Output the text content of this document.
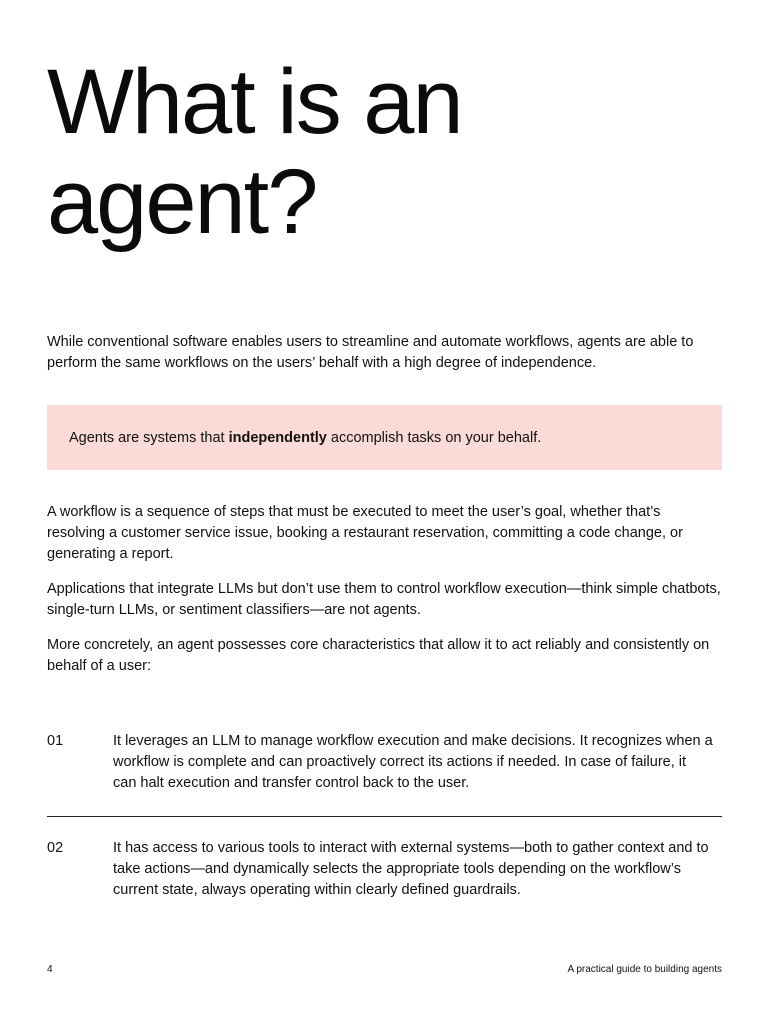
What is an
agent?

While conventional software enables users to streamline and automate workflows, agents are able to perform the same workflows on the users’ behalf with a high degree of independence.

Agents are systems that independently accomplish tasks on your behalf.

A workflow is a sequence of steps that must be executed to meet the user’s goal, whether that’s resolving a customer service issue, booking a restaurant reservation, committing a code change, or generating a report.

Applications that integrate LLMs but don’t use them to control workflow execution—think simple chatbots, single-turn LLMs, or sentiment classifiers—are not agents.

More concretely, an agent possesses core characteristics that allow it to act reliably and consistently on behalf of a user:

01	It leverages an LLM to manage workflow execution and make decisions. It recognizes when a workflow is complete and can proactively correct its actions if needed. In case of failure, it can halt execution and transfer control back to the user.
02	It has access to various tools to interact with external systems—both to gather context and to take actions—and dynamically selects the appropriate tools depending on the workflow’s current state, always operating within clearly defined guardrails.
4	A practical guide to building agents
